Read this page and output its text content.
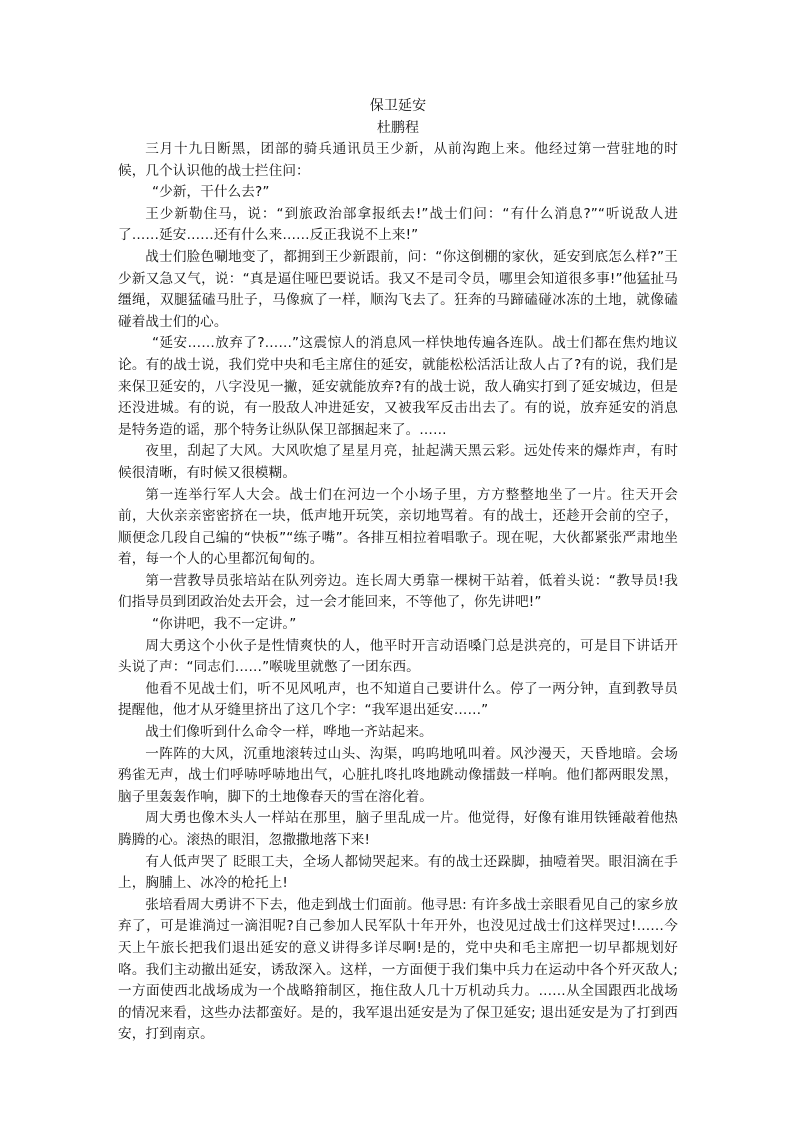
保卫延安
杜鹏程

三月十九日断黑，团部的骑兵通讯员王少新，从前沟跑上来。他经过第一营驻地的时候，几个认识他的战士拦住问：

“少新，干什么去?”

王少新勒住马，说：“到旅政治部拿报纸去!”战士们问：“有什么消息?”“听说敌人进了……延安……还有什么来……反正我说不上来!”

战士们脸色唰地变了，都拥到王少新跟前，问：“你这倒棚的家伙，延安到底怎么样?”王少新又急又气，说：“真是逼住哑巴要说话。我又不是司令员，哪里会知道很多事!”他猛扯马缰绳，双腿猛磕马肚子，马像疯了一样，顺沟飞去了。狂奔的马蹄磕碰冰冻的土地，就像磕碰着战士们的心。

“延安……放弃了?……”这震惊人的消息风一样快地传遍各连队。战士们都在焦灼地议论。有的战士说，我们党中央和毛主席住的延安，就能松松活活让敌人占了?有的说，我们是来保卫延安的，八字没见一撇，延安就能放弃?有的战士说，敌人确实打到了延安城边，但是还没进城。有的说，有一股敌人冲进延安，又被我军反击出去了。有的说，放弃延安的消息是特务造的谣，那个特务让纵队保卫部捆起来了。……

夜里，刮起了大风。大风吹熄了星星月亮，扯起满天黑云彩。远处传来的爆炸声，有时候很清晰，有时候又很模糊。

第一连举行军人大会。战士们在河边一个小场子里，方方整整地坐了一片。往天开会前，大伙亲亲密密挤在一块，低声地开玩笑，亲切地骂着。有的战士，还趁开会前的空子，顺便念几段自己编的“快板”“练子嘴”。各排互相拉着唱歌子。现在呢，大伙都紧张严肃地坐着，每一个人的心里都沉甸甸的。

第一营教导员张培站在队列旁边。连长周大勇靠一棵树干站着，低着头说：“教导员!我们指导员到团政治处去开会，过一会才能回来，不等他了，你先讲吧!”

“你讲吧，我不一定讲。”

周大勇这个小伙子是性情爽快的人，他平时开言动语嗓门总是洪亮的，可是目下讲话开头说了声：“同志们……”喉咙里就憋了一团东西。

他看不见战士们，听不见风吼声，也不知道自己要讲什么。停了一两分钟，直到教导员提醒他，他才从牙缝里挤出了这几个字：“我军退出延安……”

战士们像听到什么命令一样，哗地一齐站起来。

一阵阵的大风，沉重地滚转过山头、沟渠，呜呜地吼叫着。风沙漫天，天昏地暗。会场鸦雀无声，战士们呼哧呼哧地出气，心脏扎咚扎咚地跳动像擂鼓一样响。他们都两眼发黑，脑子里轰轰作响，脚下的土地像春天的雪在溶化着。

周大勇也像木头人一样站在那里，脑子里乱成一片。他觉得，好像有谁用铁锤敲着他热腾腾的心。滚热的眼泪，忽撒撒地落下来!

有人低声哭了 眨眼工夫，全场人都恸哭起来。有的战士还跺脚，抽噎着哭。眼泪滴在手上，胸脯上、冰冷的枪托上!

张培看周大勇讲不下去，他走到战士们面前。他寻思: 有许多战士亲眼看见自己的家乡放弃了，可是谁淌过一滴泪呢?自己参加人民军队十年开外，也没见过战士们这样哭过!……今天上午旅长把我们退出延安的意义讲得多详尽啊!是的，党中央和毛主席把一切早都规划好咯。我们主动撤出延安，诱敌深入。这样，一方面便于我们集中兵力在运动中各个歼灭敌人;一方面使西北战场成为一个战略箝制区，拖住敌人几十万机动兵力。……从全国跟西北战场的情况来看，这些办法都蛮好。是的，我军退出延安是为了保卫延安; 退出延安是为了打到西安，打到南京。
